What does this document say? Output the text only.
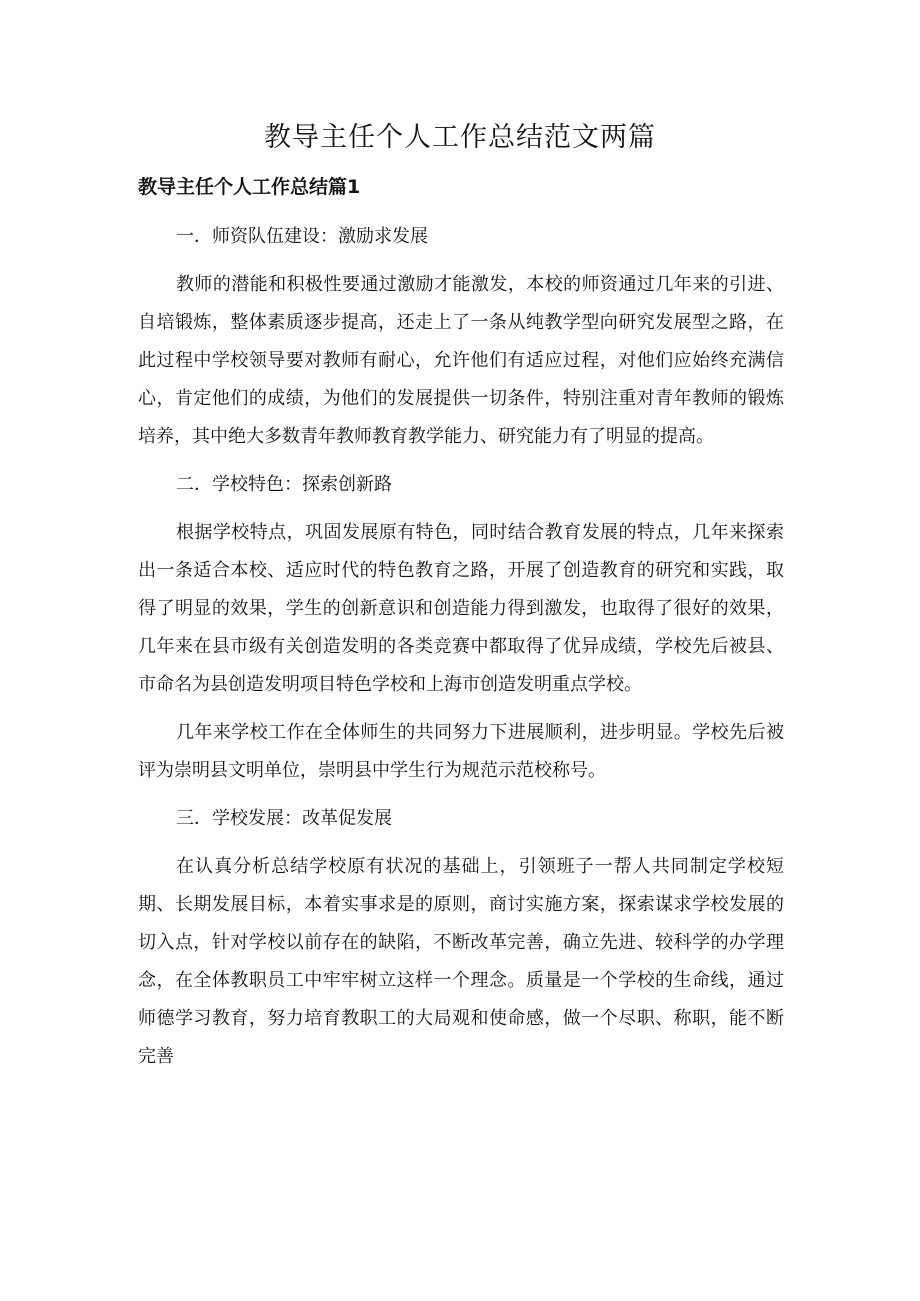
教导主任个人工作总结范文两篇
教导主任个人工作总结篇1

一．师资队伍建设：激励求发展

教师的潜能和积极性要通过激励才能激发，本校的师资通过几年来的引进、自培锻炼，整体素质逐步提高，还走上了一条从纯教学型向研究发展型之路，在此过程中学校领导要对教师有耐心，允许他们有适应过程，对他们应始终充满信心，肯定他们的成绩，为他们的发展提供一切条件，特别注重对青年教师的锻炼培养，其中绝大多数青年教师教育教学能力、研究能力有了明显的提高。

二．学校特色：探索创新路

根据学校特点，巩固发展原有特色，同时结合教育发展的特点，几年来探索出一条适合本校、适应时代的特色教育之路，开展了创造教育的研究和实践，取得了明显的效果，学生的创新意识和创造能力得到激发，也取得了很好的效果，几年来在县市级有关创造发明的各类竞赛中都取得了优异成绩，学校先后被县、市命名为县创造发明项目特色学校和上海市创造发明重点学校。

几年来学校工作在全体师生的共同努力下进展顺利，进步明显。学校先后被评为崇明县文明单位，崇明县中学生行为规范示范校称号。

三．学校发展：改革促发展

在认真分析总结学校原有状况的基础上，引领班子一帮人共同制定学校短期、长期发展目标，本着实事求是的原则，商讨实施方案，探索谋求学校发展的切入点，针对学校以前存在的缺陷，不断改革完善，确立先进、较科学的办学理念，在全体教职员工中牢牢树立这样一个理念。质量是一个学校的生命线，通过师德学习教育，努力培育教职工的大局观和使命感，做一个尽职、称职，能不断完善
